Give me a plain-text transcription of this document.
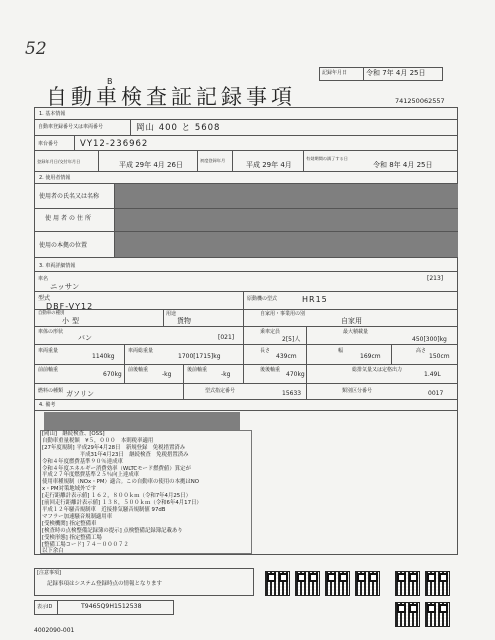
52
B
自動車検査証記録事項
記録年月日	令和 7年 4月 25日
741250062557
1. 基本情報
自動車登録番号又は車両番号	岡山 400 と 5608
車台番号	VY12-236962
登録年月日/交付年月日	平成 29年 4月 26日
初度登録年月
平成 29年 4月
有効期間の満了する日
令和 8年 4月 25日
2. 使用者情報
使用者の氏名又は名称
使用者の住所
使用の本拠の位置
3. 車両詳細情報
車名
ニッサン
[213]
型式
DBF-VY12
原動機の型式	HR15
自動車の種別
小型
用途
貨物
自家用・事業用の別
自家用
車体の形状
バン	[021]
乗車定員
2[5]人
最大積載量
450[300]kg
車両重量
1140kg
車両総重量
1700[1715]kg
長さ
439cm
幅
169cm
高さ
150cm
前前軸重
670kg
前後軸重
-kg
後前軸重
-kg
後後軸重
470kg
総排気量又は定格出力
1.49L
燃料の種類 ガソリン	型式指定番号	15633	類別区分番号	0017
4. 備考
[岡山]　継続検査、[OSS]
自動車重量税額　¥５，０００　本則税率適用
[27年度規制] 平成29年4月28日　新規登録　免税措置済み
　　　　　　　平成31年4月23日　継続検査　免税措置済み
令和４年度燃費基準９０％達成車
令和４年度エネルギー消費効率（WLTCモード燃費値）算定が
平成２７年度燃費基準２５％向上達成車
使用車種規制（NOx・PM）適合。この自動車の使用の本拠はNO
x・PM対策地域外です
[走行距離計表示値] １６２，８００ｋｍ（令和7年4月25日）
[前回走行距離計表示値] １３８，５００ｋｍ（令和6年4月17日）
平成１２年騒音規制車　近接排気騒音規制値 97dB
マフラー加速騒音規制適用車
[受検機関] 指定整備車
[検査時の点検整備記録簿の提示] 点検整備記録簿記載あり
[受検形態] 指定整備工場
[整備工場コード] ７４－０００７２
以下余白
[注意事項]
記録事項はシステム登録時点の情報となります
表示ID	T9465Q9H1512538
4002090-001
